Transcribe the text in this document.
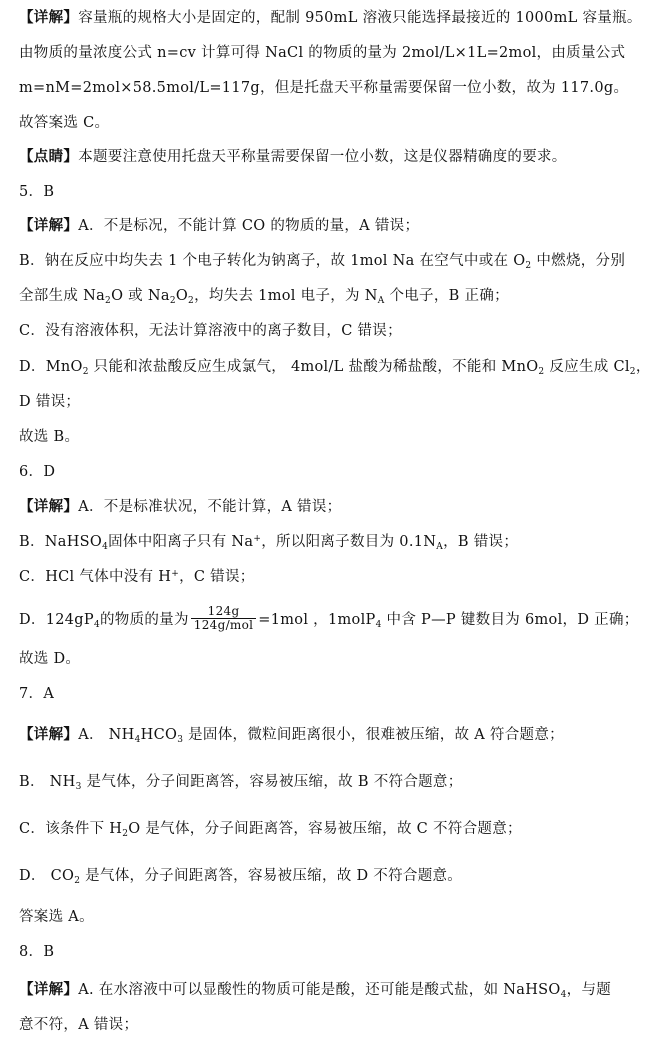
【详解】容量瓶的规格大小是固定的，配制 950mL 溶液只能选择最接近的 1000mL 容量瓶。
由物质的量浓度公式 n=cv 计算可得 NaCl 的物质的量为 2mol/L×1L=2mol，由质量公式
m=nM=2mol×58.5mol/L=117g，但是托盘天平称量需要保留一位小数，故为 117.0g。
故答案选 C。
【点睛】本题要注意使用托盘天平称量需要保留一位小数，这是仪器精确度的要求。
5．B
【详解】A．不是标况，不能计算 CO 的物质的量，A 错误；
B．钠在反应中均失去 1 个电子转化为钠离子，故 1mol Na 在空气中或在 $O_2$ 中燃烧，分别
全部生成 $Na_2O$ 或 $Na_2O_2$，均失去 1mol 电子，为 $N_A$ 个电子，B 正确；
C．没有溶液体积，无法计算溶液中的离子数目，C 错误；
D．MnO$_2$ 只能和浓盐酸反应生成氯气， 4mol/L 盐酸为稀盐酸，不能和 MnO$_2$ 反应生成 $Cl_2$，
D 错误；
故选 B。
6．D
【详解】A．不是标准状况，不能计算，A 错误；
B．NaHSO$_4$固体中阳离子只有 Na+，所以阳离子数目为 $0.1N_A$，B 错误；
C．HCl 气体中没有 H+，C 错误；
D．$124gP_4$的物质的量为 $\frac{124g}{\text{124g/mol}} =1mol$ ，1molP$_4$ 中含 P—P 键数目为 6mol，D 正确；
故选 D。
7．A
【详解】A． $NH_4HCO_3$ 是固体，微粒间距离很小，很难被压缩，故 A 符合题意；
B． $NH_3$ 是气体，分子间距离答，容易被压缩，故 B 不符合题意；
C．该条件下 $H_2O$ 是气体，分子间距离答，容易被压缩，故 C 不符合题意；
D． $CO_2$ 是气体，分子间距离答，容易被压缩，故 D 不符合题意。
答案选 A。
8．B
【详解】A. 在水溶液中可以显酸性的物质可能是酸，还可能是酸式盐，如 NaHSO$_4$，与题
意不符，A 错误；
